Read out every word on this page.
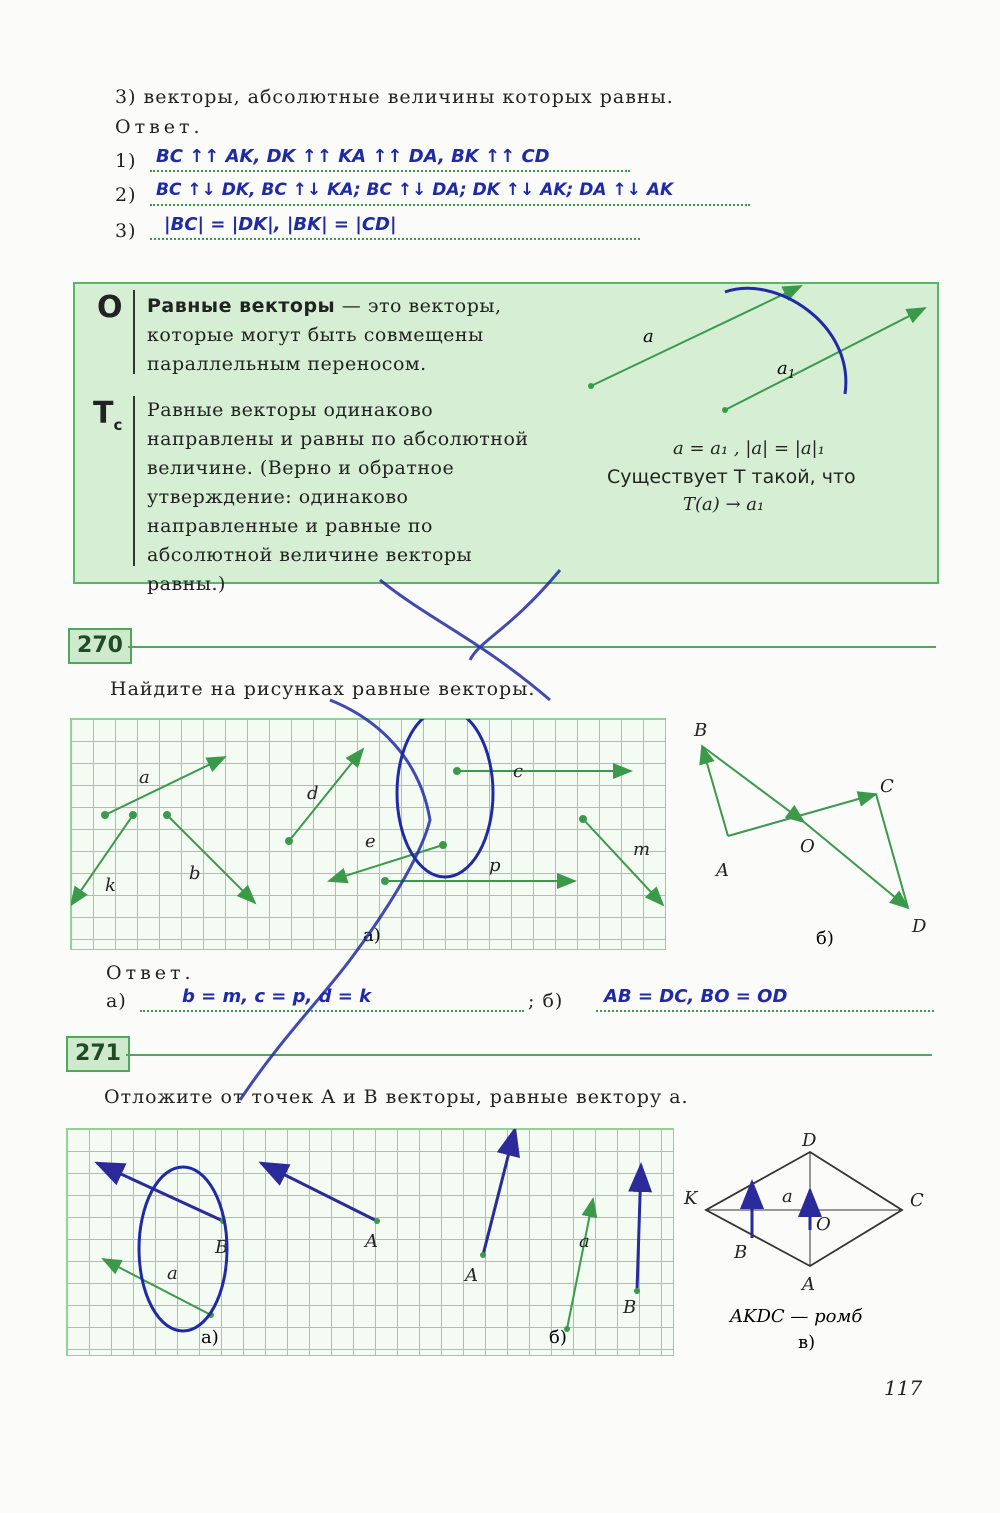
3) векторы, абсолютные величины которых равны.
Ответ.
1) BC ↑↑ AK, DK ↑↑ KA ↑↑ DA, BK ↑↑ CD
2) BC ↑↓ DK, BC ↑↓ KA; BC ↑↓ DA; DK ↑↓ AK; DA ↑↓ AK
3) |BC| = |DK|, |BK| = |CD|
О Равные векторы — это векторы, которые могут быть совмещены параллельным переносом.
$Т_с$
Равные векторы одинаково направлены и равны по абсолютной величине. (Верно и обратное утверждение: одинаково направленные и равные по абсолютной величине векторы равны.)
a
$a_1$
a = a₁ , |a| = |a|₁
Существует T такой, что
T(a) → a₁
270
Найдите на рисунках равные векторы.
a
d
c
e
p
m
k
b
а)
B
C
A
O
D
б)
Ответ.
а)	b = m, c = p, d = k	; б) AB = DC, BO = OD
271
Отложите от точек A и B векторы, равные вектору a.
B	A
a
a
A
B
а)	б)
D
K	C
a
O
B
A
AKDC — ромб
в)
117
